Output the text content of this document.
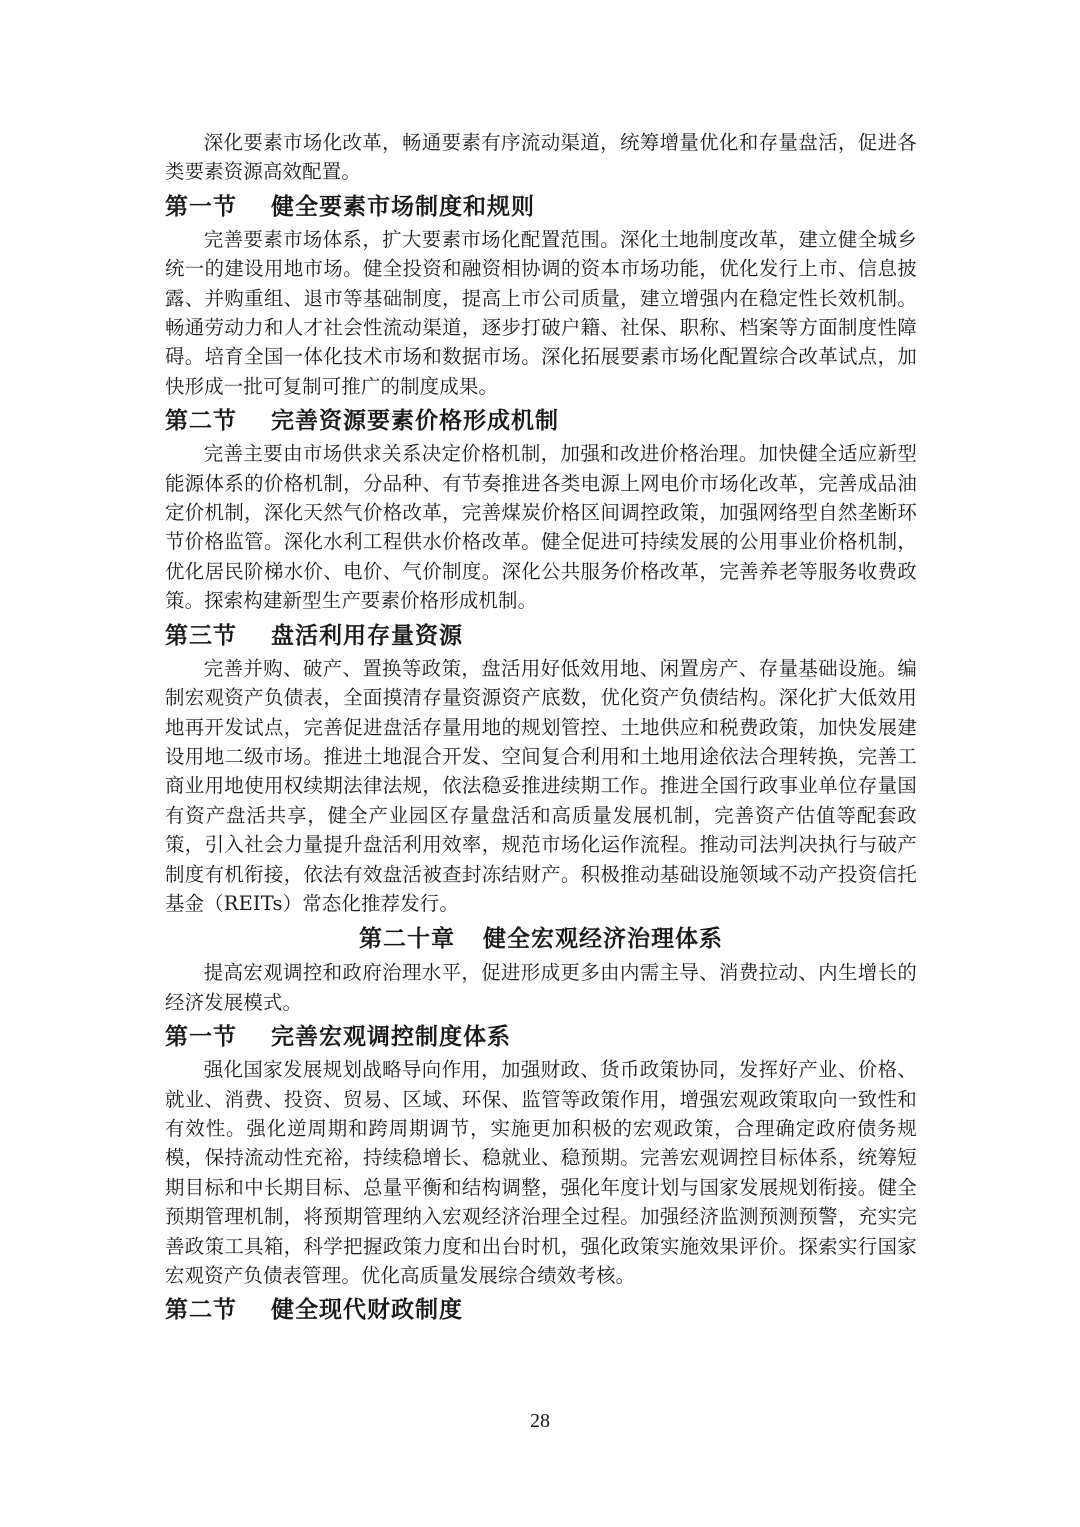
深化要素市场化改革，畅通要素有序流动渠道，统筹增量优化和存量盘活，促进各类要素资源高效配置。

第一节 健全要素市场制度和规则

完善要素市场体系，扩大要素市场化配置范围。深化土地制度改革，建立健全城乡统一的建设用地市场。健全投资和融资相协调的资本市场功能，优化发行上市、信息披露、并购重组、退市等基础制度，提高上市公司质量，建立增强内在稳定性长效机制。畅通劳动力和人才社会性流动渠道，逐步打破户籍、社保、职称、档案等方面制度性障碍。培育全国一体化技术市场和数据市场。深化拓展要素市场化配置综合改革试点，加快形成一批可复制可推广的制度成果。

第二节 完善资源要素价格形成机制

完善主要由市场供求关系决定价格机制，加强和改进价格治理。加快健全适应新型能源体系的价格机制，分品种、有节奏推进各类电源上网电价市场化改革，完善成品油定价机制，深化天然气价格改革，完善煤炭价格区间调控政策，加强网络型自然垄断环节价格监管。深化水利工程供水价格改革。健全促进可持续发展的公用事业价格机制，优化居民阶梯水价、电价、气价制度。深化公共服务价格改革，完善养老等服务收费政策。探索构建新型生产要素价格形成机制。

第三节 盘活利用存量资源

完善并购、破产、置换等政策，盘活用好低效用地、闲置房产、存量基础设施。编制宏观资产负债表，全面摸清存量资源资产底数，优化资产负债结构。深化扩大低效用地再开发试点，完善促进盘活存量用地的规划管控、土地供应和税费政策，加快发展建设用地二级市场。推进土地混合开发、空间复合利用和土地用途依法合理转换，完善工商业用地使用权续期法律法规，依法稳妥推进续期工作。推进全国行政事业单位存量国有资产盘活共享，健全产业园区存量盘活和高质量发展机制，完善资产估值等配套政策，引入社会力量提升盘活利用效率，规范市场化运作流程。推动司法判决执行与破产制度有机衔接，依法有效盘活被查封冻结财产。积极推动基础设施领域不动产投资信托基金（REITs）常态化推荐发行。

第二十章 健全宏观经济治理体系

提高宏观调控和政府治理水平，促进形成更多由内需主导、消费拉动、内生增长的经济发展模式。

第一节 完善宏观调控制度体系

强化国家发展规划战略导向作用，加强财政、货币政策协同，发挥好产业、价格、就业、消费、投资、贸易、区域、环保、监管等政策作用，增强宏观政策取向一致性和有效性。强化逆周期和跨周期调节，实施更加积极的宏观政策，合理确定政府债务规模，保持流动性充裕，持续稳增长、稳就业、稳预期。完善宏观调控目标体系，统筹短期目标和中长期目标、总量平衡和结构调整，强化年度计划与国家发展规划衔接。健全预期管理机制，将预期管理纳入宏观经济治理全过程。加强经济监测预测预警，充实完善政策工具箱，科学把握政策力度和出台时机，强化政策实施效果评价。探索实行国家宏观资产负债表管理。优化高质量发展综合绩效考核。

第二节 健全现代财政制度
28
